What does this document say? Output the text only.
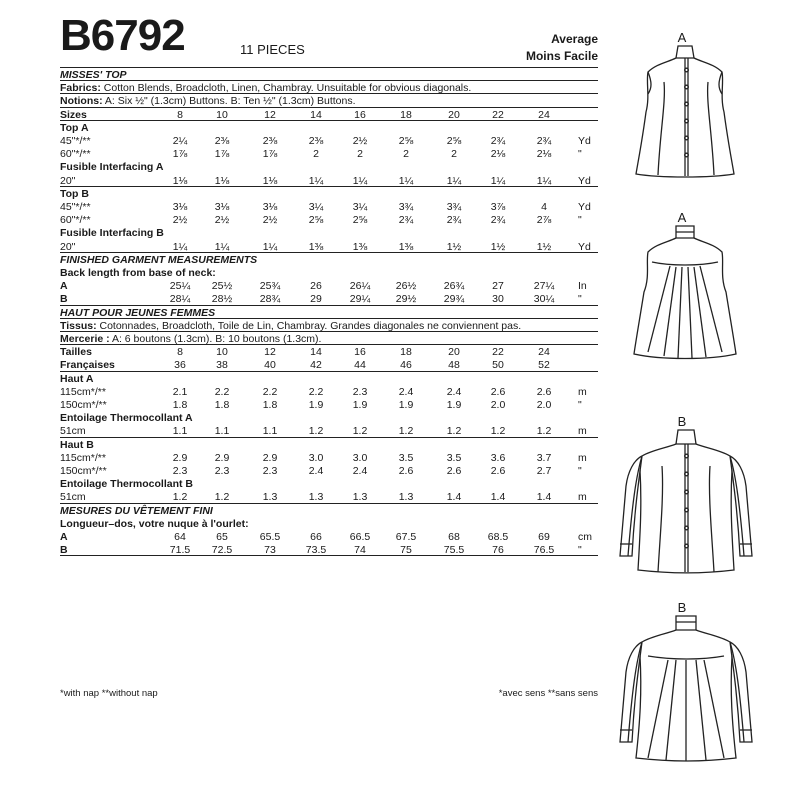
B6792	11 PIECES
Average
Moins Facile
MISSES' TOP
Fabrics: Cotton Blends, Broadcloth, Linen, Chambray. Unsuitable for obvious diagonals.
Notions: A: Six ½" (1.3cm) Buttons. B: Ten ½" (1.3cm) Buttons.
Sizes	8	10	12	14	16	18	20	22	24
Top A
45"*/**	2¼	2⅜	2⅜	2⅜	2½	2⅝	2⅝	2¾	2¾	Yd
60"*/**	1⅞	1⅞	1⅞	2	2	2	2	2⅛	2⅛	"
Fusible Interfacing A
20"	1⅛	1⅛	1⅛	1¼	1¼	1¼	1¼	1¼	1¼	Yd
Top B
45"*/**	3⅛	3⅛	3⅛	3¼	3¼	3¾	3¾	3⅞	4	Yd
60"*/**	2½	2½	2½	2⅝	2⅝	2¾	2¾	2¾	2⅞	"
Fusible Interfacing B
20"	1¼	1¼	1¼	1⅜	1⅜	1⅜	1½	1½	1½	Yd
FINISHED GARMENT MEASUREMENTS
Back length from base of neck:
A	25¼	25½	25¾	26	26¼	26½	26¾	27	27¼	In
B	28¼	28½	28¾	29	29¼	29½	29¾	30	30¼	"
HAUT POUR JEUNES FEMMES
Tissus: Cotonnades, Broadcloth, Toile de Lin, Chambray. Grandes diagonales ne conviennent pas.
Mercerie : A: 6 boutons (1.3cm). B: 10 boutons (1.3cm).
Tailles	8	10	12	14	16	18	20	22	24
Françaises	36	38	40	42	44	46	48	50	52
Haut A
115cm*/**	2.1	2.2	2.2	2.2	2.3	2.4	2.4	2.6	2.6	m
150cm*/**	1.8	1.8	1.8	1.9	1.9	1.9	1.9	2.0	2.0	"
Entoilage Thermocollant A
51cm	1.1	1.1	1.1	1.2	1.2	1.2	1.2	1.2	1.2	m
Haut B
115cm*/**	2.9	2.9	2.9	3.0	3.0	3.5	3.5	3.6	3.7	m
150cm*/**	2.3	2.3	2.3	2.4	2.4	2.6	2.6	2.6	2.7	"
Entoilage Thermocollant B
51cm	1.2	1.2	1.3	1.3	1.3	1.3	1.4	1.4	1.4	m
MESURES DU VÊTEMENT FINI
Longueur–dos, votre nuque à l'ourlet:
A	64	65	65.5	66	66.5	67.5	68	68.5	69	cm
B	71.5	72.5	73	73.5	74	75	75.5	76	76.5	"
*with nap **without nap	*avec sens **sans sens
A
A
B
B
